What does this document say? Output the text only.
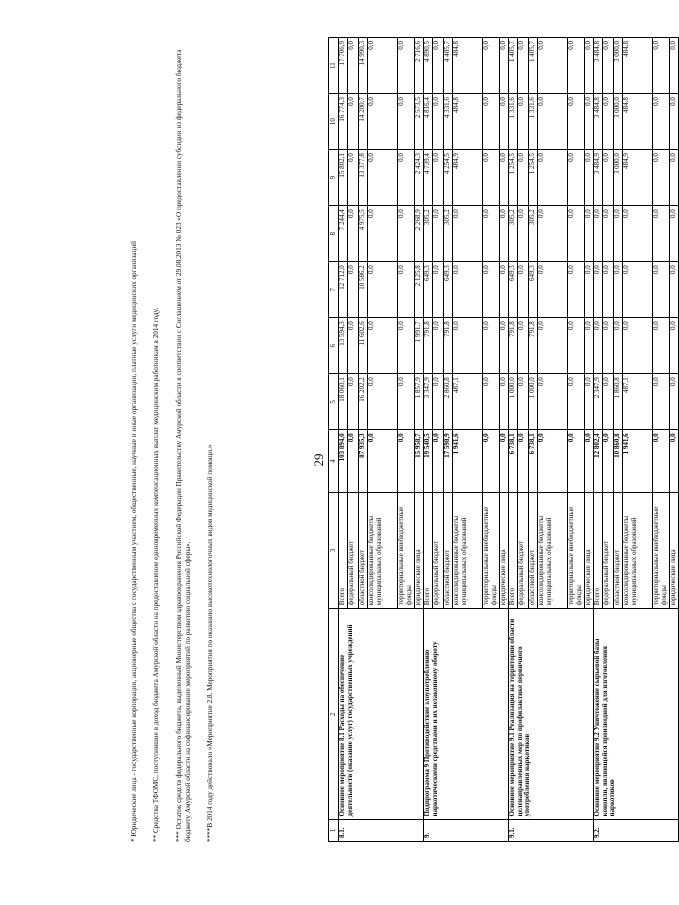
29
1	2	3	4	5	6	7	8	9	10	11
8.1.	Основное мероприятие 8.1 Расходы на обеспечение деятельности (оказание услуг) государственных учреждений	Всего	103 894,0	18 060,1	13 594,3	12 712,0	7 244,4	15 802,1	16 774,3	17 706,9
		федеральный бюджет	0,0	0,0	0,0	0,0	0,0	0,0	0,0	0,0
		областной бюджет	87 935,3	16 202,2	11 602,6	10 586,2	4 975,5	13 377,8	14 200,7	14 990,3
		консолидированные бюджеты муниципальных образований	0,0	0,0	0,0	0,0	0,0	0,0	0,0	0,0
		территориальные внебюджетные фонды	0,0	0,0	0,0	0,0	0,0	0,0	0,0	0,0
		юридические лица	15 958,7	1 857,9	1 991,7	2 125,8	2 268,9	2 424,3	2 573,5	2 716,6
9.	Подпрограмма 9 Противодействие злоупотреблению наркотическими средствами и их незаконному обороту	Всего	19 540,5	3 347,9	791,8	649,3	305,2	4 739,4	4 816,4	4 890,5
		федеральный бюджет	0,0	0,0	0,0	0,0	0,0	0,0	0,0	0,0
		областной бюджет	17 598,9	2 860,8	791,8	649,3	305,2	4 254,5	4 331,6	4 405,7
		консолидированные бюджеты муниципальных образований	1 941,6	487,1	0,0	0,0	0,0	484,9	484,8	484,8
		территориальные внебюджетные фонды	0,0	0,0	0,0	0,0	0,0	0,0	0,0	0,0
		юридические лица	0,0	0,0	0,0	0,0	0,0	0,0	0,0	0,0
9.1.	Основное мероприятие 9.1 Реализация на территории области целенаправленных мер по профилактике первичного употребления наркотиков	Всего	6 738,1	1 000,0	791,8	649,3	305,2	1 254,5	1 331,6	1 405,7
		федеральный бюджет	0,0	0,0	0,0	0,0	0,0	0,0	0,0	0,0
		областной бюджет	6 738,1	1 000,0	791,8	649,3	305,2	1 254,5	1 331,6	1 405,7
		консолидированные бюджеты муниципальных образований	0,0	0,0	0,0	0,0	0,0	0,0	0,0	0,0
		территориальные внебюджетные фонды	0,0	0,0	0,0	0,0	0,0	0,0	0,0	0,0
		юридические лица	0,0	0,0	0,0	0,0	0,0	0,0	0,0	0,0
9.2.	Основное мероприятие 9.2 Уничтожение сырьевой базы конопли, являющейся производной для изготовления наркотиков	Всего	12 802,4	2 347,9	0,0	0,0	0,0	3 484,9	3 484,8	3 484,8
		федеральный бюджет	0,0	0,0	0,0	0,0	0,0	0,0	0,0	0,0
		областной бюджет	10 860,8	1 860,8	0,0	0,0	0,0	3 000,0	3 000,0	3 000,0
		консолидированные бюджеты муниципальных образований	1 941,6	487,1	0,0	0,0	0,0	484,9	484,8	484,8
		территориальные внебюджетные фонды	0,0	0,0	0,0	0,0	0,0	0,0	0,0	0,0
		юридические лица	0,0	0,0	0,0	0,0	0,0	0,0	0,0	0,0

* Юридические лица - государственные корпорации, акционерные общества с государственным участием, общественные, научные и иные организации, платные услуги медицинских организаций ** Средства ТФОМС, поступившие в доход бюджета Амурской области на предоставление единовременных компенсационных выплат медицинским работникам в 2014 году. *** Остаток средств федерального бюджета, выделенный Министерством здравоохранения Российской Федерации Правительству Амурской области в соответствии с Соглашением от 29.08.2013 № 023 «О предоставлении субсидии из федерального бюджета бюджету Амурской области на софинансирование мероприятий по развитию социальной сферы». ****В 2014 году действовало «Мероприятие 2.8. Мероприятия по оказанию высокотехнологичных видов медицинской помощи.»
